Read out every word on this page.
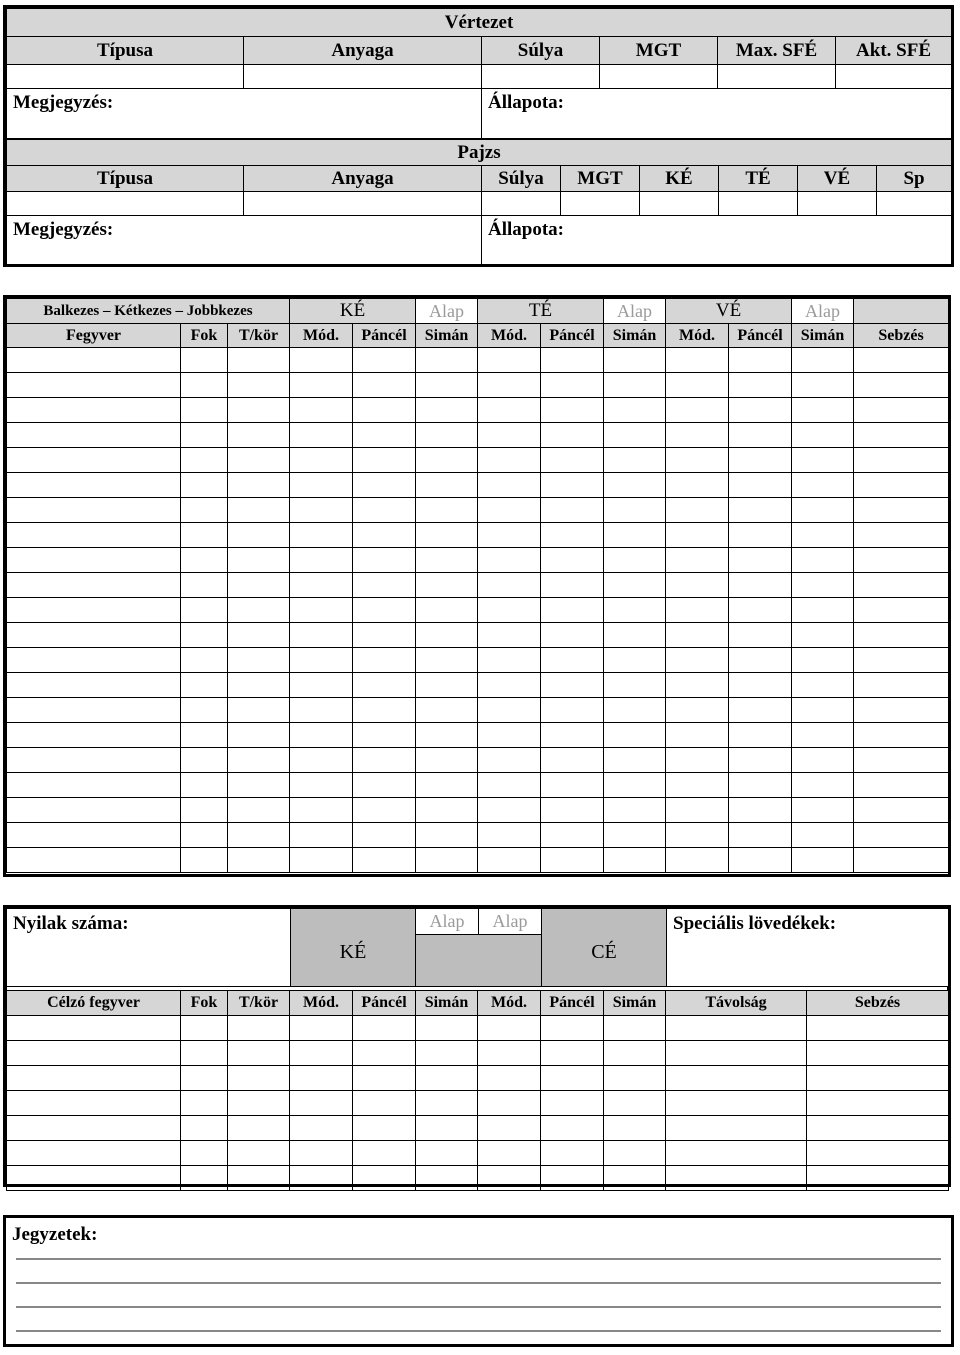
Vértezet					
Típusa	Anyaga	Súlya	MGT	Max. SFÉ	Akt. SFÉ

Megjegyzés:		Állapota:			
Pajzs							
Típusa	Anyaga	Súlya	MGT	KÉ	TÉ	VÉ	Sp

Megjegyzés:		Állapota:					
Balkezes – Kétkezes – Jobbkezes			KÉ		Alap	TÉ		Alap	VÉ		Alap	
Fegyver	Fok	T/kör	Mód.	Páncél	Simán	Mód.	Páncél	Simán	Mód.	Páncél	Simán	Sebzés

Nyilak száma:	KÉ	Alap	Alap	CÉ	Speciális lövedékek:

Célzó fegyver	Fok	T/kör	Mód.	Páncél	Simán	Mód.	Páncél	Simán	Távolság	Sebzés

Jegyzetek:
